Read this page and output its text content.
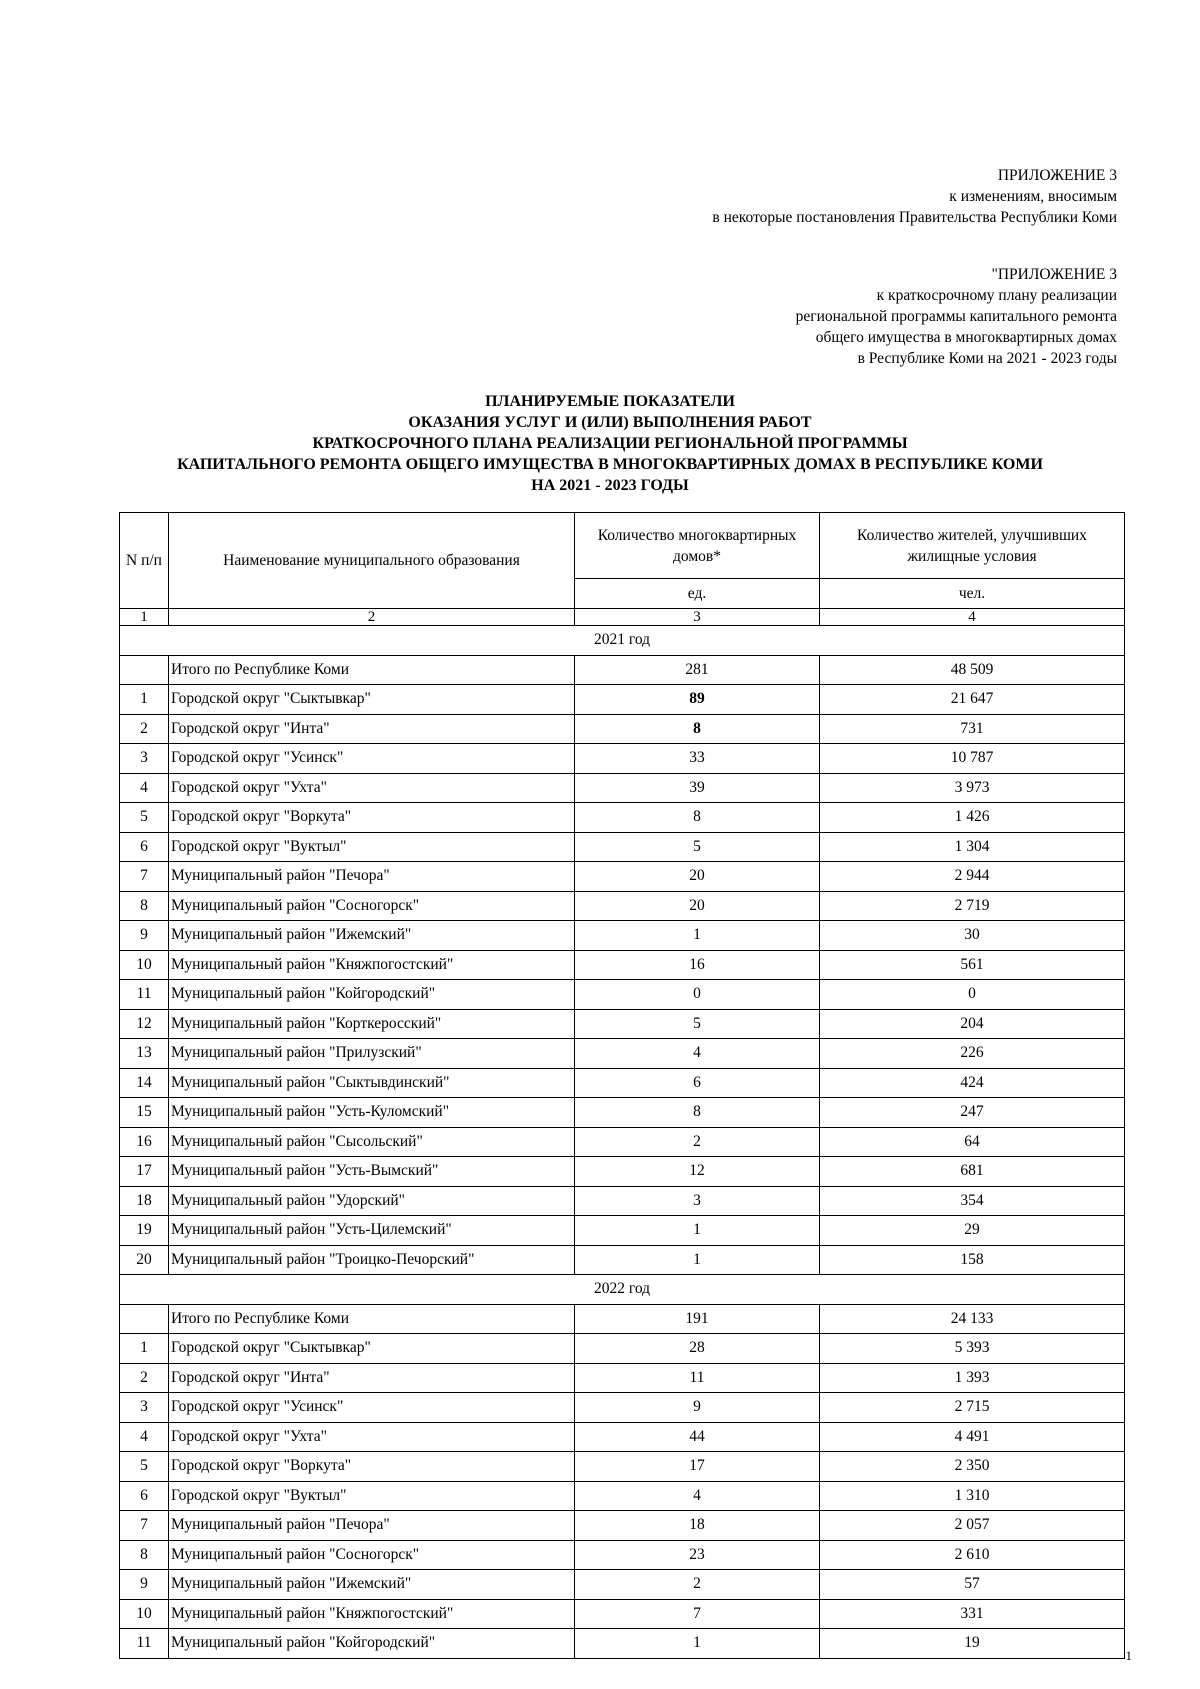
ПРИЛОЖЕНИЕ 3
к изменениям, вносимым
в некоторые постановления Правительства Республики Коми
"ПРИЛОЖЕНИЕ 3
к краткосрочному плану реализации
региональной программы капитального ремонта
общего имущества в многоквартирных домах
в Республике Коми на 2021 - 2023 годы
ПЛАНИРУЕМЫЕ ПОКАЗАТЕЛИ
ОКАЗАНИЯ УСЛУГ И (ИЛИ) ВЫПОЛНЕНИЯ РАБОТ
КРАТКОСРОЧНОГО ПЛАНА РЕАЛИЗАЦИИ РЕГИОНАЛЬНОЙ ПРОГРАММЫ
КАПИТАЛЬНОГО РЕМОНТА ОБЩЕГО ИМУЩЕСТВА В МНОГОКВАРТИРНЫХ ДОМАХ В РЕСПУБЛИКЕ КОМИ
НА 2021 - 2023 ГОДЫ
N п/п	Наименование муниципального образования	Количество многоквартирных домов*	Количество жителей, улучшивших жилищные условия
		ед.	чел.
1	2	3	4
2021 год			
	Итого по Республике Коми	281	48 509
1	Городской округ "Сыктывкар"	89	21 647
2	Городской округ "Инта"	8	731
3	Городской округ "Усинск"	33	10 787
4	Городской округ "Ухта"	39	3 973
5	Городской округ "Воркута"	8	1 426
6	Городской округ "Вуктыл"	5	1 304
7	Муниципальный район "Печора"	20	2 944
8	Муниципальный район "Сосногорск"	20	2 719
9	Муниципальный район "Ижемский"	1	30
10	Муниципальный район "Княжпогостский"	16	561
11	Муниципальный район "Койгородский"	0	0
12	Муниципальный район "Корткеросский"	5	204
13	Муниципальный район "Прилузский"	4	226
14	Муниципальный район "Сыктывдинский"	6	424
15	Муниципальный район "Усть-Куломский"	8	247
16	Муниципальный район "Сысольский"	2	64
17	Муниципальный район "Усть-Вымский"	12	681
18	Муниципальный район "Удорский"	3	354
19	Муниципальный район "Усть-Цилемский"	1	29
20	Муниципальный район "Троицко-Печорский"	1	158
2022 год			
	Итого по Республике Коми	191	24 133
1	Городской округ "Сыктывкар"	28	5 393
2	Городской округ "Инта"	11	1 393
3	Городской округ "Усинск"	9	2 715
4	Городской округ "Ухта"	44	4 491
5	Городской округ "Воркута"	17	2 350
6	Городской округ "Вуктыл"	4	1 310
7	Муниципальный район "Печора"	18	2 057
8	Муниципальный район "Сосногорск"	23	2 610
9	Муниципальный район "Ижемский"	2	57
10	Муниципальный район "Княжпогостский"	7	331
11	Муниципальный район "Койгородский"	1	19
1
